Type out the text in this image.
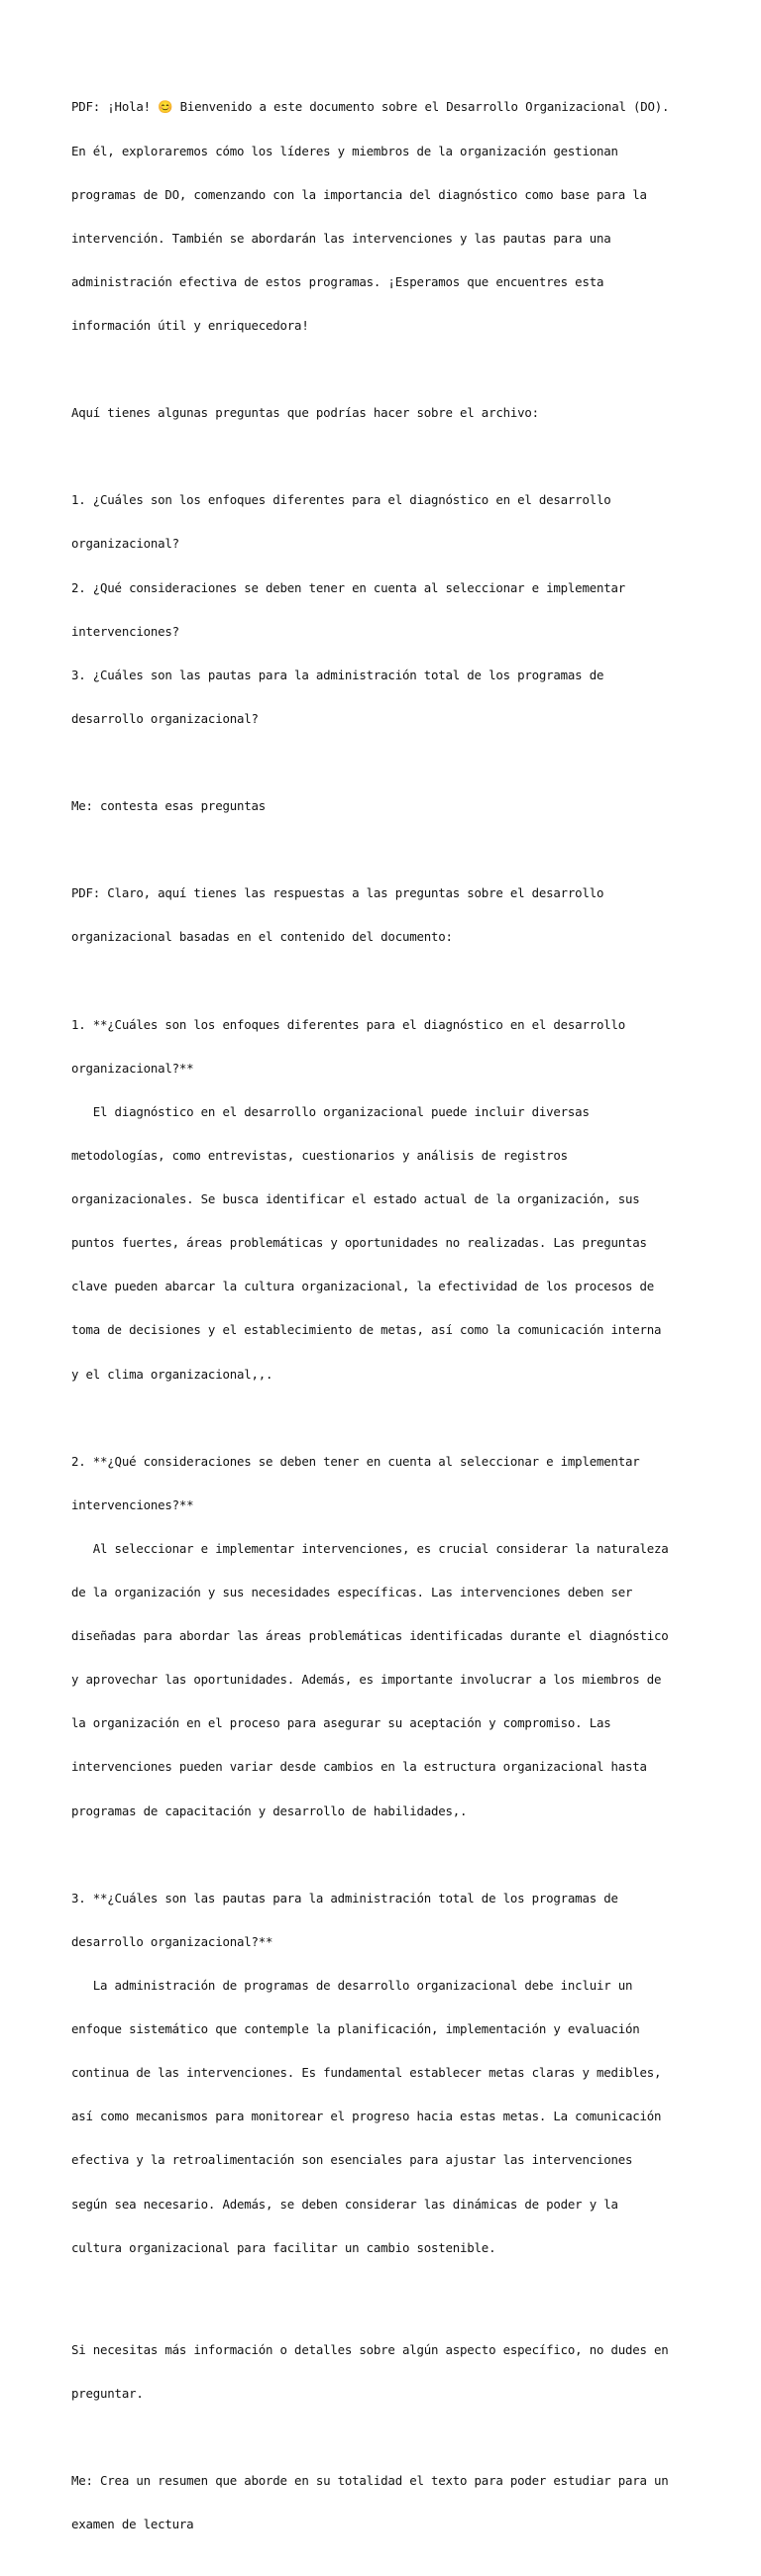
PDF: ¡Hola! 😊 Bienvenido a este documento sobre el Desarrollo Organizacional (DO).

En él, exploraremos cómo los líderes y miembros de la organización gestionan

programas de DO, comenzando con la importancia del diagnóstico como base para la

intervención. También se abordarán las intervenciones y las pautas para una

administración efectiva de estos programas. ¡Esperamos que encuentres esta

información útil y enriquecedora!

Aquí tienes algunas preguntas que podrías hacer sobre el archivo:

1. ¿Cuáles son los enfoques diferentes para el diagnóstico en el desarrollo

organizacional?

2. ¿Qué consideraciones se deben tener en cuenta al seleccionar e implementar

intervenciones?

3. ¿Cuáles son las pautas para la administración total de los programas de

desarrollo organizacional?

Me: contesta esas preguntas

PDF: Claro, aquí tienes las respuestas a las preguntas sobre el desarrollo

organizacional basadas en el contenido del documento:

1. **¿Cuáles son los enfoques diferentes para el diagnóstico en el desarrollo

organizacional?**

El diagnóstico en el desarrollo organizacional puede incluir diversas

metodologías, como entrevistas, cuestionarios y análisis de registros

organizacionales. Se busca identificar el estado actual de la organización, sus

puntos fuertes, áreas problemáticas y oportunidades no realizadas. Las preguntas

clave pueden abarcar la cultura organizacional, la efectividad de los procesos de

toma de decisiones y el establecimiento de metas, así como la comunicación interna

y el clima organizacional,,.

2. **¿Qué consideraciones se deben tener en cuenta al seleccionar e implementar

intervenciones?**

Al seleccionar e implementar intervenciones, es crucial considerar la naturaleza

de la organización y sus necesidades específicas. Las intervenciones deben ser

diseñadas para abordar las áreas problemáticas identificadas durante el diagnóstico

y aprovechar las oportunidades. Además, es importante involucrar a los miembros de

la organización en el proceso para asegurar su aceptación y compromiso. Las

intervenciones pueden variar desde cambios en la estructura organizacional hasta

programas de capacitación y desarrollo de habilidades,.

3. **¿Cuáles son las pautas para la administración total de los programas de

desarrollo organizacional?**

La administración de programas de desarrollo organizacional debe incluir un

enfoque sistemático que contemple la planificación, implementación y evaluación

continua de las intervenciones. Es fundamental establecer metas claras y medibles,

así como mecanismos para monitorear el progreso hacia estas metas. La comunicación

efectiva y la retroalimentación son esenciales para ajustar las intervenciones

según sea necesario. Además, se deben considerar las dinámicas de poder y la

cultura organizacional para facilitar un cambio sostenible.

Si necesitas más información o detalles sobre algún aspecto específico, no dudes en

preguntar.

Me: Crea un resumen que aborde en su totalidad el texto para poder estudiar para un

examen de lectura
